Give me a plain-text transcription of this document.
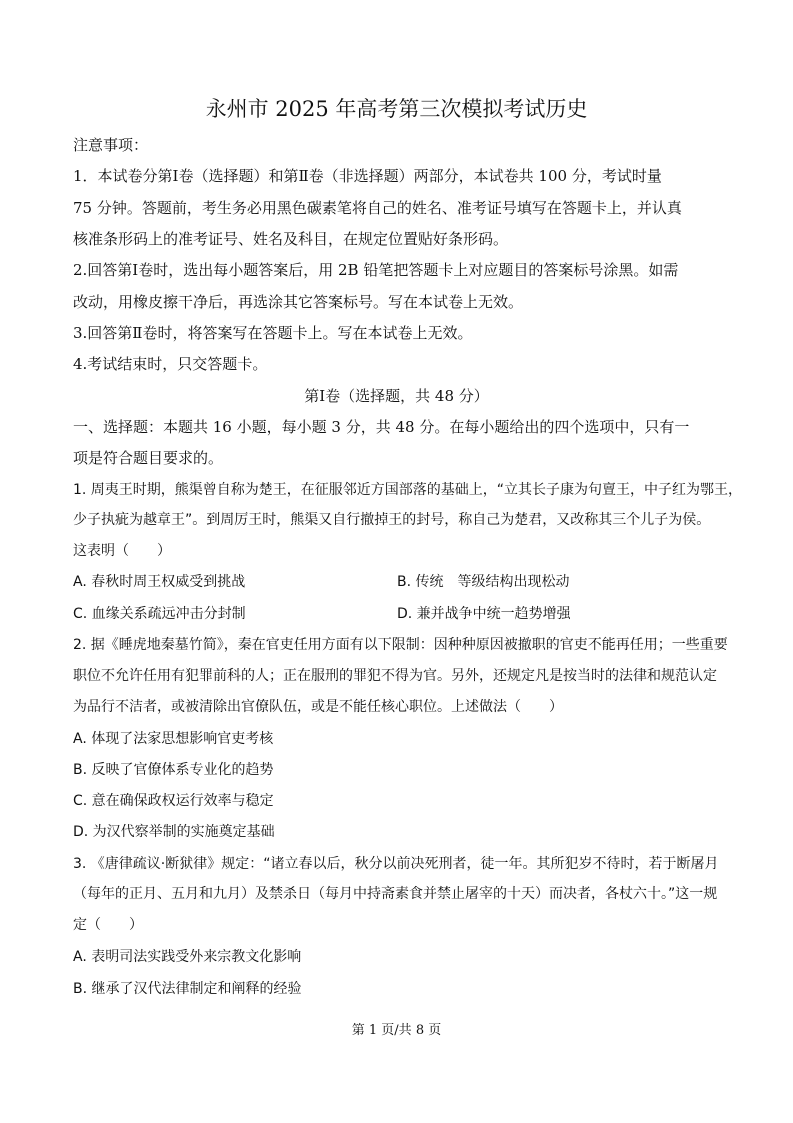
永州市 2025 年高考第三次模拟考试历史
注意事项：
1．本试卷分第Ⅰ卷（选择题）和第Ⅱ卷（非选择题）两部分，本试卷共 100 分，考试时量
75 分钟。答题前，考生务必用黑色碳素笔将自己的姓名、准考证号填写在答题卡上，并认真
核准条形码上的准考证号、姓名及科目，在规定位置贴好条形码。
2.回答第Ⅰ卷时，选出每小题答案后，用 2B 铅笔把答题卡上对应题目的答案标号涂黑。如需
改动，用橡皮擦干净后，再选涂其它答案标号。写在本试卷上无效。
3.回答第Ⅱ卷时，将答案写在答题卡上。写在本试卷上无效。
4.考试结束时，只交答题卡。
第Ⅰ卷（选择题，共 48 分）
一、选择题：本题共 16 小题，每小题 3 分，共 48 分。在每小题给出的四个选项中，只有一
项是符合题目要求的。
1. 周夷王时期，熊渠曾自称为楚王，在征服邻近方国部落的基础上，“立其长子康为句亶王，中子红为鄂王，
少子执疵为越章王”。到周厉王时，熊渠又自行撤掉王的封号，称自己为楚君，又改称其三个儿子为侯。
这表明（　　）
A. 春秋时周王权威受到挑战	B. 传统　等级结构出现松动
C. 血缘关系疏远冲击分封制	D. 兼并战争中统一趋势增强
2. 据《睡虎地秦墓竹简》，秦在官吏任用方面有以下限制：因种种原因被撤职的官吏不能再任用；一些重要
职位不允许任用有犯罪前科的人；正在服刑的罪犯不得为官。另外，还规定凡是按当时的法律和规范认定
为品行不洁者，或被清除出官僚队伍，或是不能任核心职位。上述做法（　　）
A. 体现了法家思想影响官吏考核
B. 反映了官僚体系专业化的趋势
C. 意在确保政权运行效率与稳定
D. 为汉代察举制的实施奠定基础
3. 《唐律疏议·断狱律》规定：“诸立春以后，秋分以前决死刑者，徒一年。其所犯岁不待时，若于断屠月
（每年的正月、五月和九月）及禁杀日（每月中持斋素食并禁止屠宰的十天）而决者，各杖六十。”这一规
定（　　）
A. 表明司法实践受外来宗教文化影响
B. 继承了汉代法律制定和阐释的经验
第 1 页/共 8 页
